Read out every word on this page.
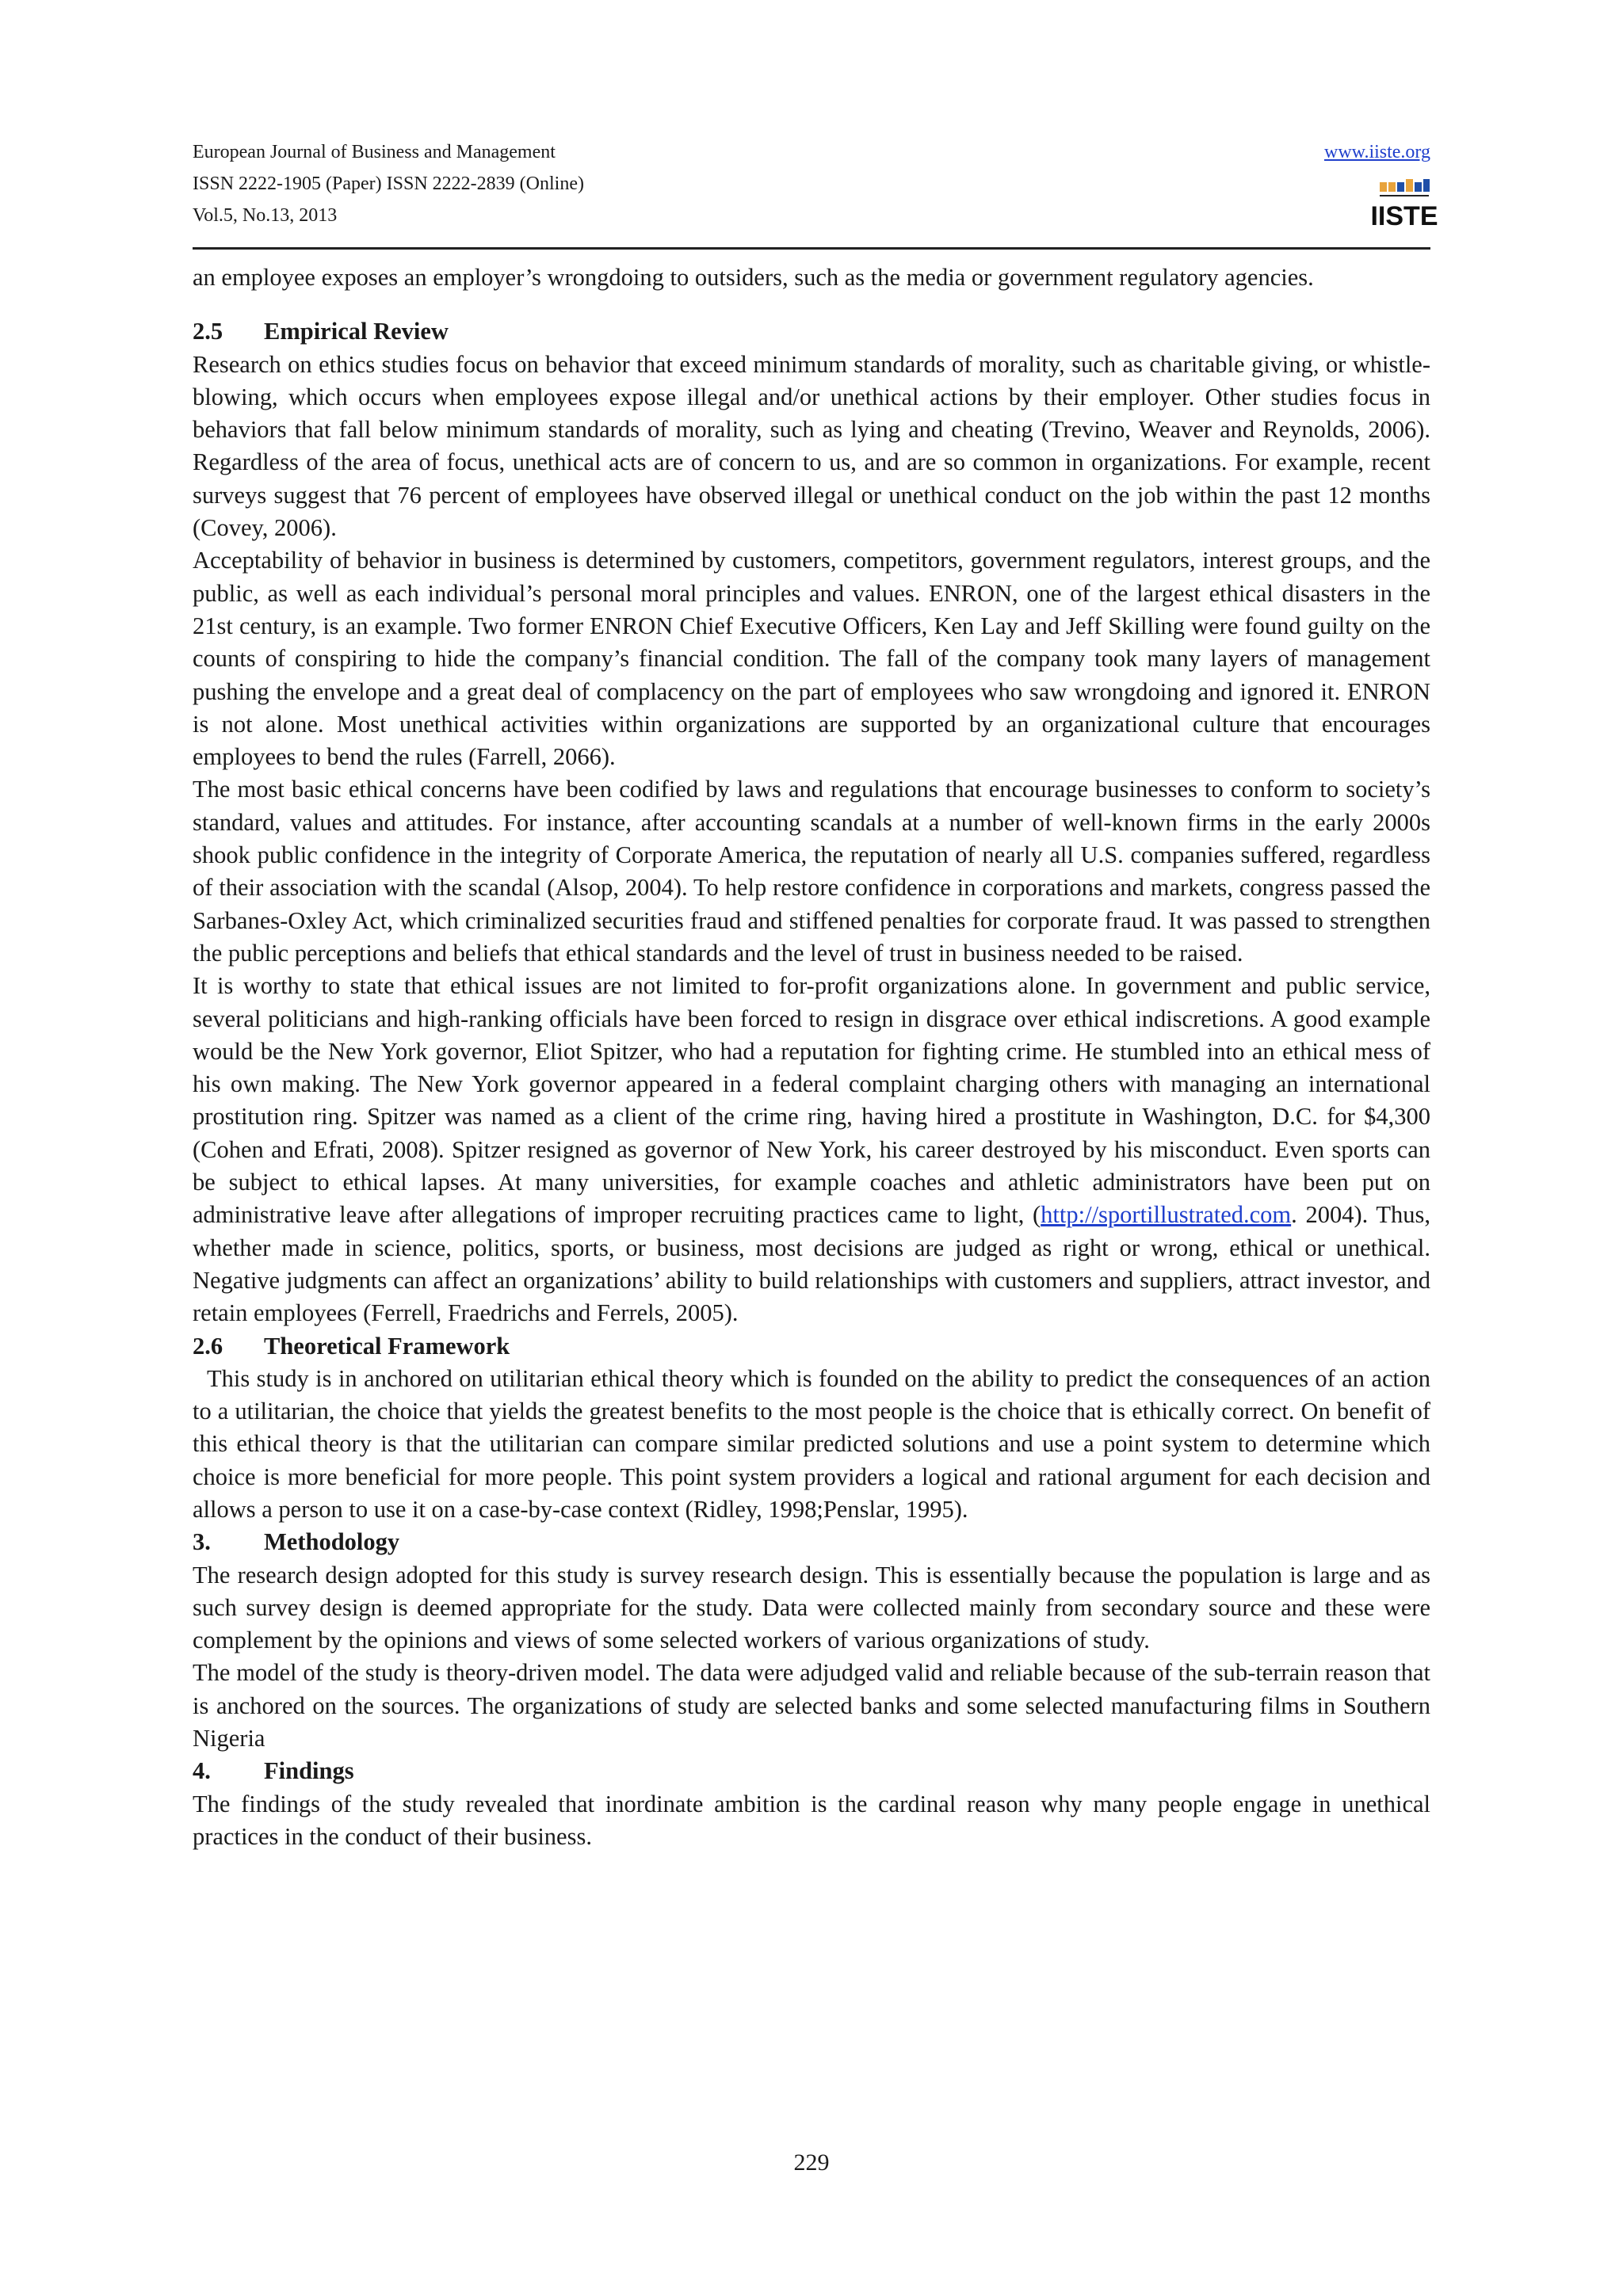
European Journal of Business and Management
ISSN 2222-1905 (Paper) ISSN 2222-2839 (Online)
Vol.5, No.13, 2013
www.iiste.org
IISTE

an employee exposes an employer’s wrongdoing to outsiders, such as the media or government regulatory agencies.

2.5 Empirical Review

Research on ethics studies focus on behavior that exceed minimum standards of morality, such as charitable giving, or whistle-blowing, which occurs when employees expose illegal and/or unethical actions by their employer. Other studies focus in behaviors that fall below minimum standards of morality, such as lying and cheating (Trevino, Weaver and Reynolds, 2006). Regardless of the area of focus, unethical acts are of concern to us, and are so common in organizations. For example, recent surveys suggest that 76 percent of employees have observed illegal or unethical conduct on the job within the past 12 months (Covey, 2006).

Acceptability of behavior in business is determined by customers, competitors, government regulators, interest groups, and the public, as well as each individual’s personal moral principles and values. ENRON, one of the largest ethical disasters in the 21st century, is an example. Two former ENRON Chief Executive Officers, Ken Lay and Jeff Skilling were found guilty on the counts of conspiring to hide the company’s financial condition. The fall of the company took many layers of management pushing the envelope and a great deal of complacency on the part of employees who saw wrongdoing and ignored it. ENRON is not alone. Most unethical activities within organizations are supported by an organizational culture that encourages employees to bend the rules (Farrell, 2066).

The most basic ethical concerns have been codified by laws and regulations that encourage businesses to conform to society’s standard, values and attitudes. For instance, after accounting scandals at a number of well-known firms in the early 2000s shook public confidence in the integrity of Corporate America, the reputation of nearly all U.S. companies suffered, regardless of their association with the scandal (Alsop, 2004). To help restore confidence in corporations and markets, congress passed the Sarbanes-Oxley Act, which criminalized securities fraud and stiffened penalties for corporate fraud. It was passed to strengthen the public perceptions and beliefs that ethical standards and the level of trust in business needed to be raised.

It is worthy to state that ethical issues are not limited to for-profit organizations alone. In government and public service, several politicians and high-ranking officials have been forced to resign in disgrace over ethical indiscretions. A good example would be the New York governor, Eliot Spitzer, who had a reputation for fighting crime. He stumbled into an ethical mess of his own making. The New York governor appeared in a federal complaint charging others with managing an international prostitution ring. Spitzer was named as a client of the crime ring, having hired a prostitute in Washington, D.C. for $4,300 (Cohen and Efrati, 2008). Spitzer resigned as governor of New York, his career destroyed by his misconduct. Even sports can be subject to ethical lapses. At many universities, for example coaches and athletic administrators have been put on administrative leave after allegations of improper recruiting practices came to light, (http://sportillustrated.com. 2004). Thus, whether made in science, politics, sports, or business, most decisions are judged as right or wrong, ethical or unethical. Negative judgments can affect an organizations’ ability to build relationships with customers and suppliers, attract investor, and retain employees (Ferrell, Fraedrichs and Ferrels, 2005).

2.6 Theoretical Framework

This study is in anchored on utilitarian ethical theory which is founded on the ability to predict the consequences of an action to a utilitarian, the choice that yields the greatest benefits to the most people is the choice that is ethically correct. On benefit of this ethical theory is that the utilitarian can compare similar predicted solutions and use a point system to determine which choice is more beneficial for more people. This point system providers a logical and rational argument for each decision and allows a person to use it on a case-by-case context (Ridley, 1998;Penslar, 1995).

3. Methodology

The research design adopted for this study is survey research design. This is essentially because the population is large and as such survey design is deemed appropriate for the study. Data were collected mainly from secondary source and these were complement by the opinions and views of some selected workers of various organizations of study.

The model of the study is theory-driven model. The data were adjudged valid and reliable because of the sub-terrain reason that is anchored on the sources. The organizations of study are selected banks and some selected manufacturing films in Southern Nigeria

4. Findings

The findings of the study revealed that inordinate ambition is the cardinal reason why many people engage in unethical practices in the conduct of their business.

229
